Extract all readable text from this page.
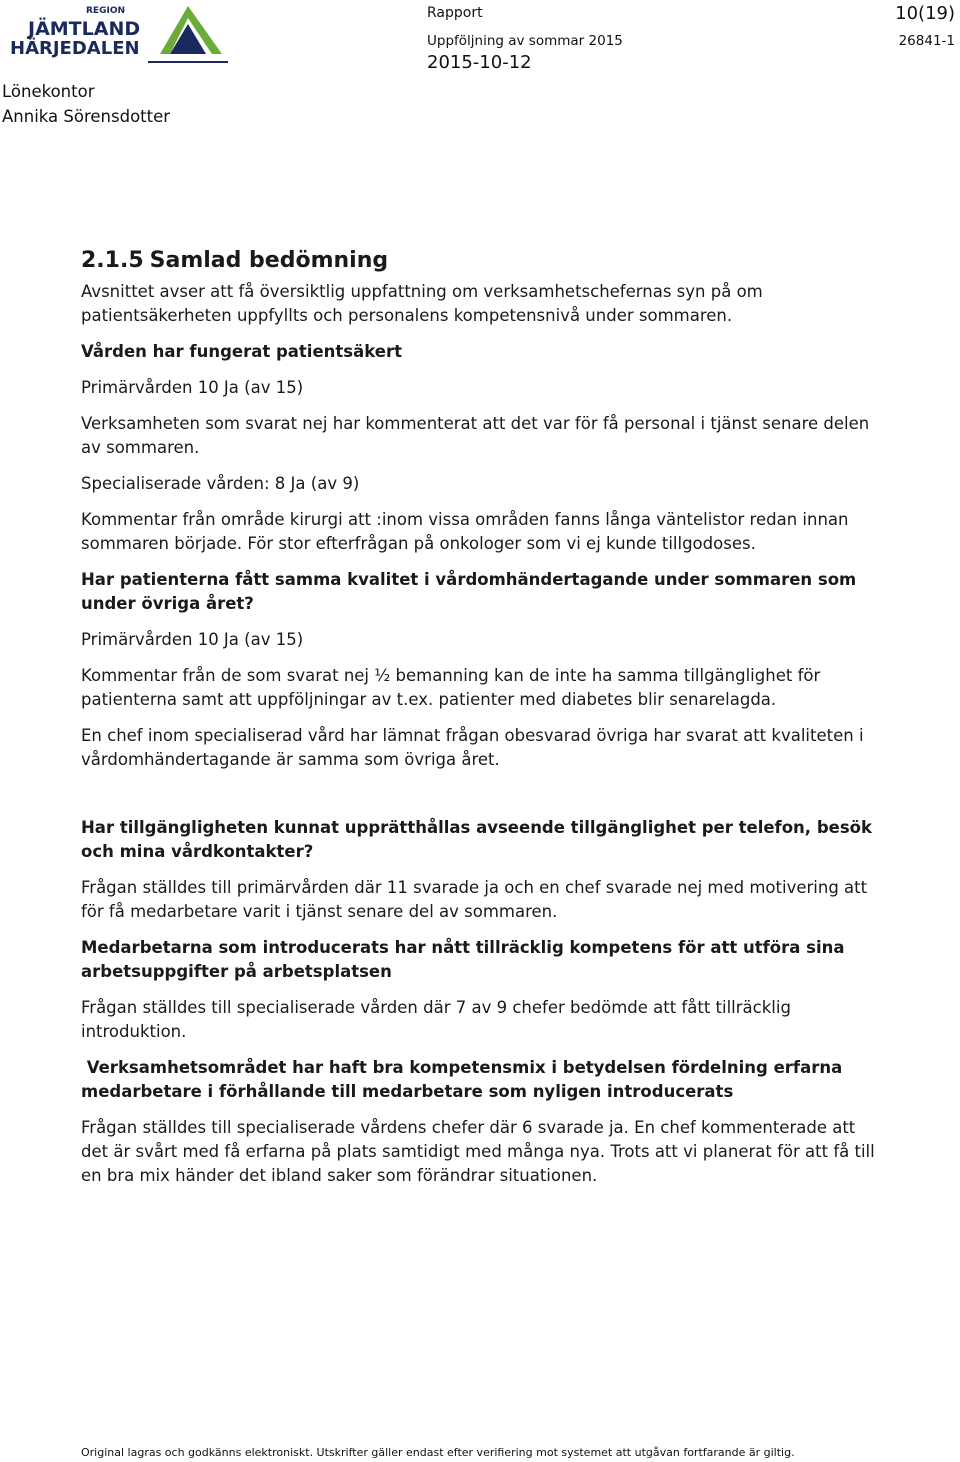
REGION
JÄMTLAND
HÄRJEDALEN
Lönekontor
Annika Sörensdotter
Rapport	10(19)
Uppföljning av sommar 2015	26841-1
2015-10-12
2.1.5 Samlad bedömning

Avsnittet avser att få översiktlig uppfattning om verksamhetschefernas syn på om patientsäkerheten uppfyllts och personalens kompetensnivå under sommaren.

Vården har fungerat patientsäkert

Primärvården 10 Ja (av 15)

Verksamheten som svarat nej har kommenterat att det var för få personal i tjänst senare delen av sommaren.

Specialiserade vården: 8 Ja (av 9)

Kommentar från område kirurgi att :inom vissa områden fanns långa väntelistor redan innan sommaren började. För stor efterfrågan på onkologer som vi ej kunde tillgodoses.

Har patienterna fått samma kvalitet i vårdomhändertagande under sommaren som under övriga året?

Primärvården 10 Ja (av 15)

Kommentar från de som svarat nej ½ bemanning kan de inte ha samma tillgänglighet för patienterna samt att uppföljningar av t.ex. patienter med diabetes blir senarelagda.

En chef inom specialiserad vård har lämnat frågan obesvarad övriga har svarat att kvaliteten i vårdomhändertagande är samma som övriga året.

Har tillgängligheten kunnat upprätthållas avseende tillgänglighet per telefon, besök och mina vårdkontakter?

Frågan ställdes till primärvården där 11 svarade ja och en chef svarade nej med motivering att för få medarbetare varit i tjänst senare del av sommaren.

Medarbetarna som introducerats har nått tillräcklig kompetens för att utföra sina arbetsuppgifter på arbetsplatsen

Frågan ställdes till specialiserade vården där 7 av 9 chefer bedömde att fått tillräcklig introduktion.

Verksamhetsområdet har haft bra kompetensmix i betydelsen fördelning erfarna medarbetare i förhållande till medarbetare som nyligen introducerats

Frågan ställdes till specialiserade vårdens chefer där 6 svarade ja. En chef kommenterade att det är svårt med få erfarna på plats samtidigt med många nya. Trots att vi planerat för att få till en bra mix händer det ibland saker som förändrar situationen.

Original lagras och godkänns elektroniskt. Utskrifter gäller endast efter verifiering mot systemet att utgåvan fortfarande är giltig.
